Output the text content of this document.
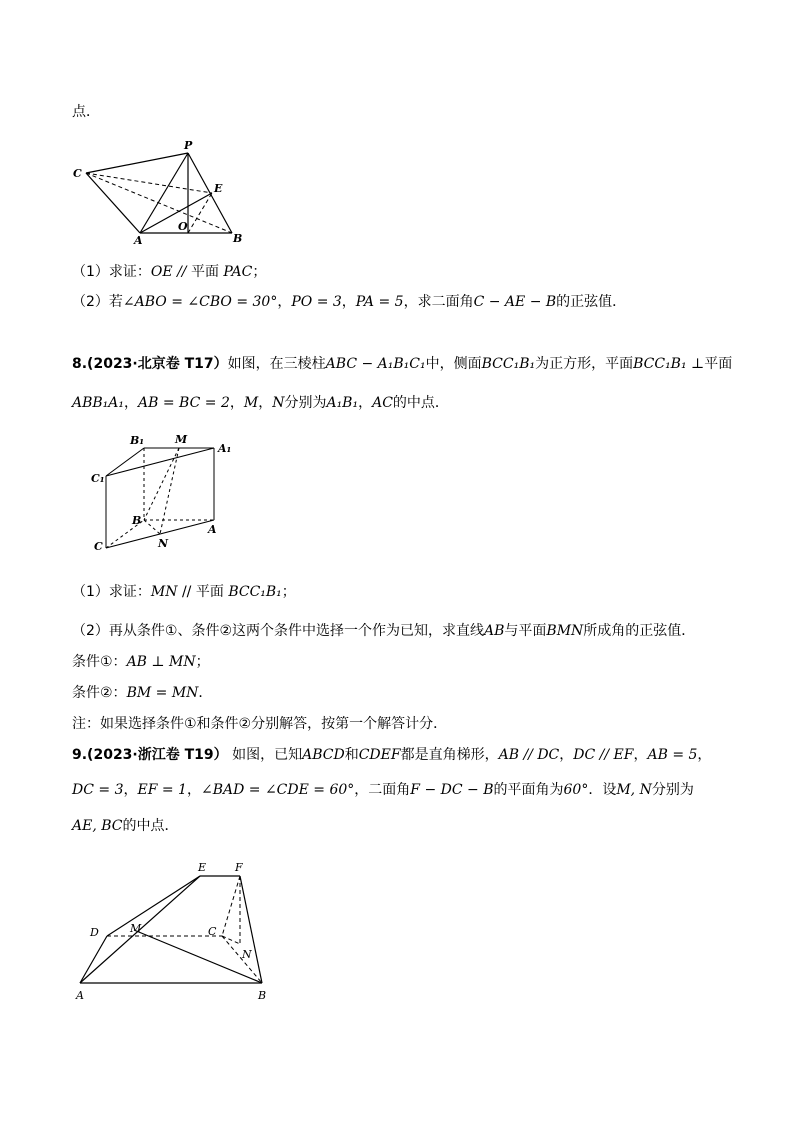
点．
P
C
E
A
O
B
（1）求证：OE // 平面 PAC；
（2）若∠ABO = ∠CBO = 30°，PO = 3，PA = 5，求二面角C − AE − B的正弦值．
8.(2023·北京卷 T17）如图，在三棱柱ABC − A₁B₁C₁中，侧面BCC₁B₁为正方形，平面BCC₁B₁ ⊥平面
ABB₁A₁，AB = BC = 2，M，N分别为A₁B₁，AC的中点．
B₁	M
A₁
C₁
B
A
C	N
（1）求证：MN // 平面 BCC₁B₁；
（2）再从条件①、条件②这两个条件中选择一个作为已知，求直线AB与平面BMN所成角的正弦值．
条件①：AB ⊥ MN；
条件②：BM = MN．
注：如果选择条件①和条件②分别解答，按第一个解答计分．
9.(2023·浙江卷 T19） 如图，已知ABCD和CDEF都是直角梯形，AB // DC，DC // EF，AB = 5，
DC = 3，EF = 1，∠BAD = ∠CDE = 60°，二面角F − DC − B的平面角为60°．设M, N分别为
AE, BC的中点．
E	F
D	M	C
N
A	B
